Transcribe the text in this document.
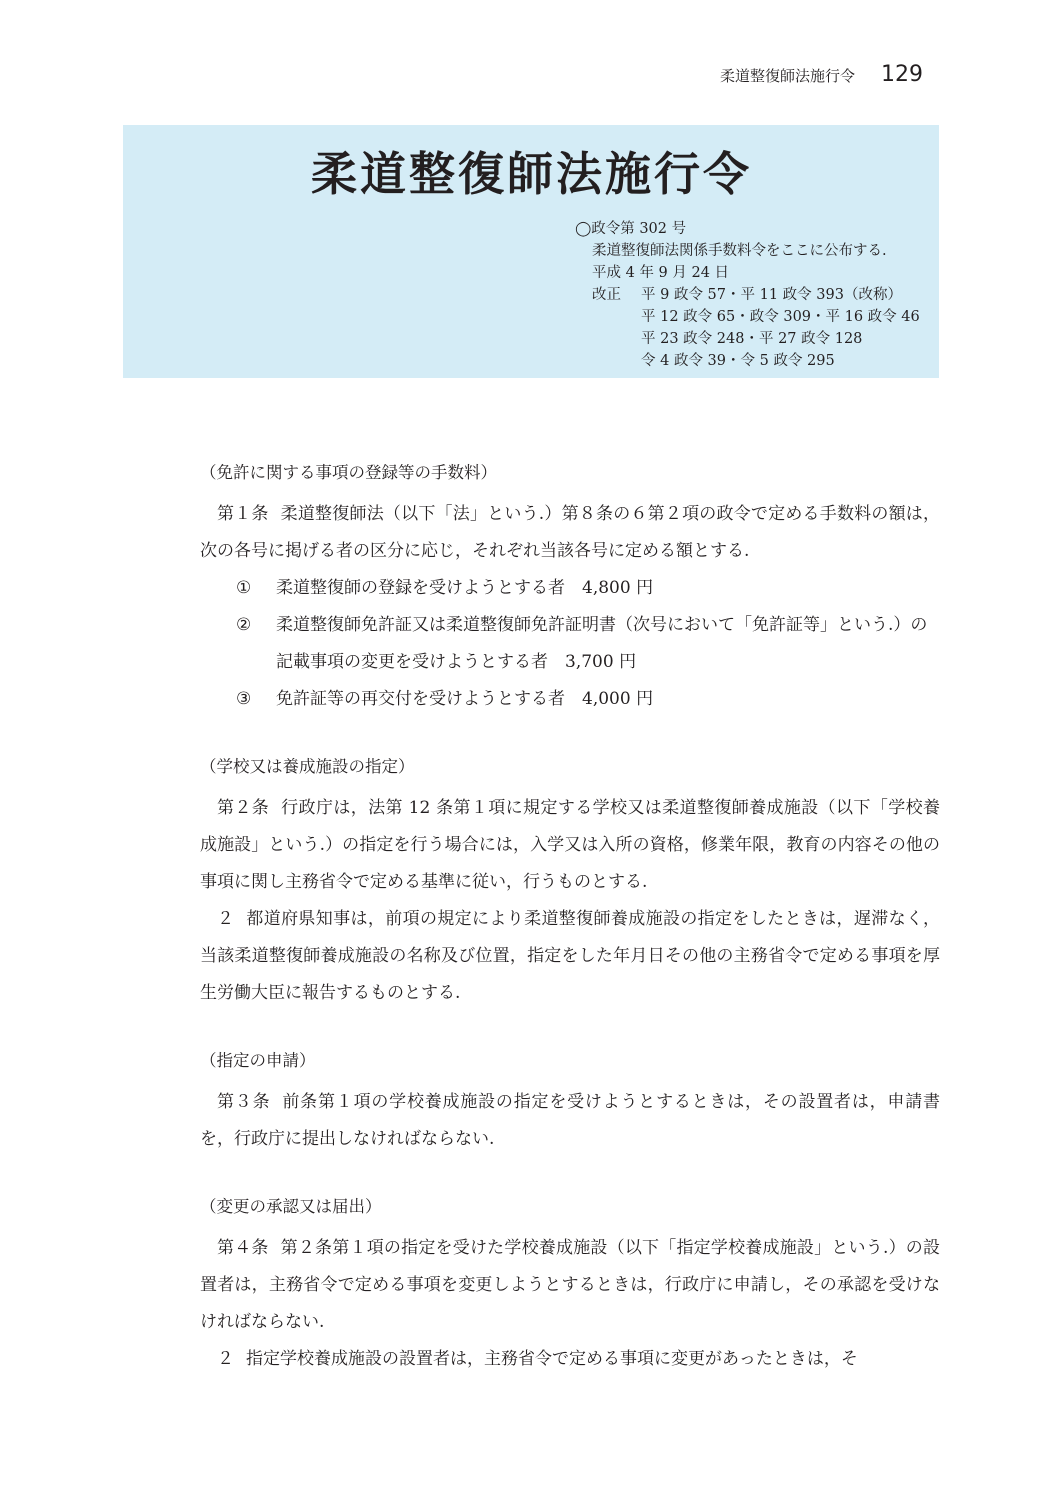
柔道整復師法施行令 129
柔道整復師法施行令
◯政令第 302 号
柔道整復師法関係手数料令をここに公布する.
平成 4 年 9 月 24 日
改正	平 9 政令 57・平 11 政令 393（改称）
平 12 政令 65・政令 309・平 16 政令 46
平 23 政令 248・平 27 政令 128
令 4 政令 39・令 5 政令 295
（免許に関する事項の登録等の手数料）
第１条 柔道整復師法（以下「法」という.）第８条の６第２項の政令で定める手数料の額は，次の各号に掲げる者の区分に応じ，それぞれ当該各号に定める額とする.
① 柔道整復師の登録を受けようとする者　4,800 円
② 柔道整復師免許証又は柔道整復師免許証明書（次号において「免許証等」という.）の記載事項の変更を受けようとする者　3,700 円
③ 免許証等の再交付を受けようとする者　4,000 円
（学校又は養成施設の指定）
第２条 行政庁は，法第 12 条第１項に規定する学校又は柔道整復師養成施設（以下「学校養成施設」という.）の指定を行う場合には，入学又は入所の資格，修業年限，教育の内容その他の事項に関し主務省令で定める基準に従い，行うものとする.
２ 都道府県知事は，前項の規定により柔道整復師養成施設の指定をしたときは，遅滞なく，当該柔道整復師養成施設の名称及び位置，指定をした年月日その他の主務省令で定める事項を厚生労働大臣に報告するものとする.
（指定の申請）
第３条 前条第１項の学校養成施設の指定を受けようとするときは，その設置者は，申請書を，行政庁に提出しなければならない.
（変更の承認又は届出）
第４条 第２条第１項の指定を受けた学校養成施設（以下「指定学校養成施設」という.）の設置者は，主務省令で定める事項を変更しようとするときは，行政庁に申請し，その承認を受けなければならない.
２ 指定学校養成施設の設置者は，主務省令で定める事項に変更があったときは，そ
